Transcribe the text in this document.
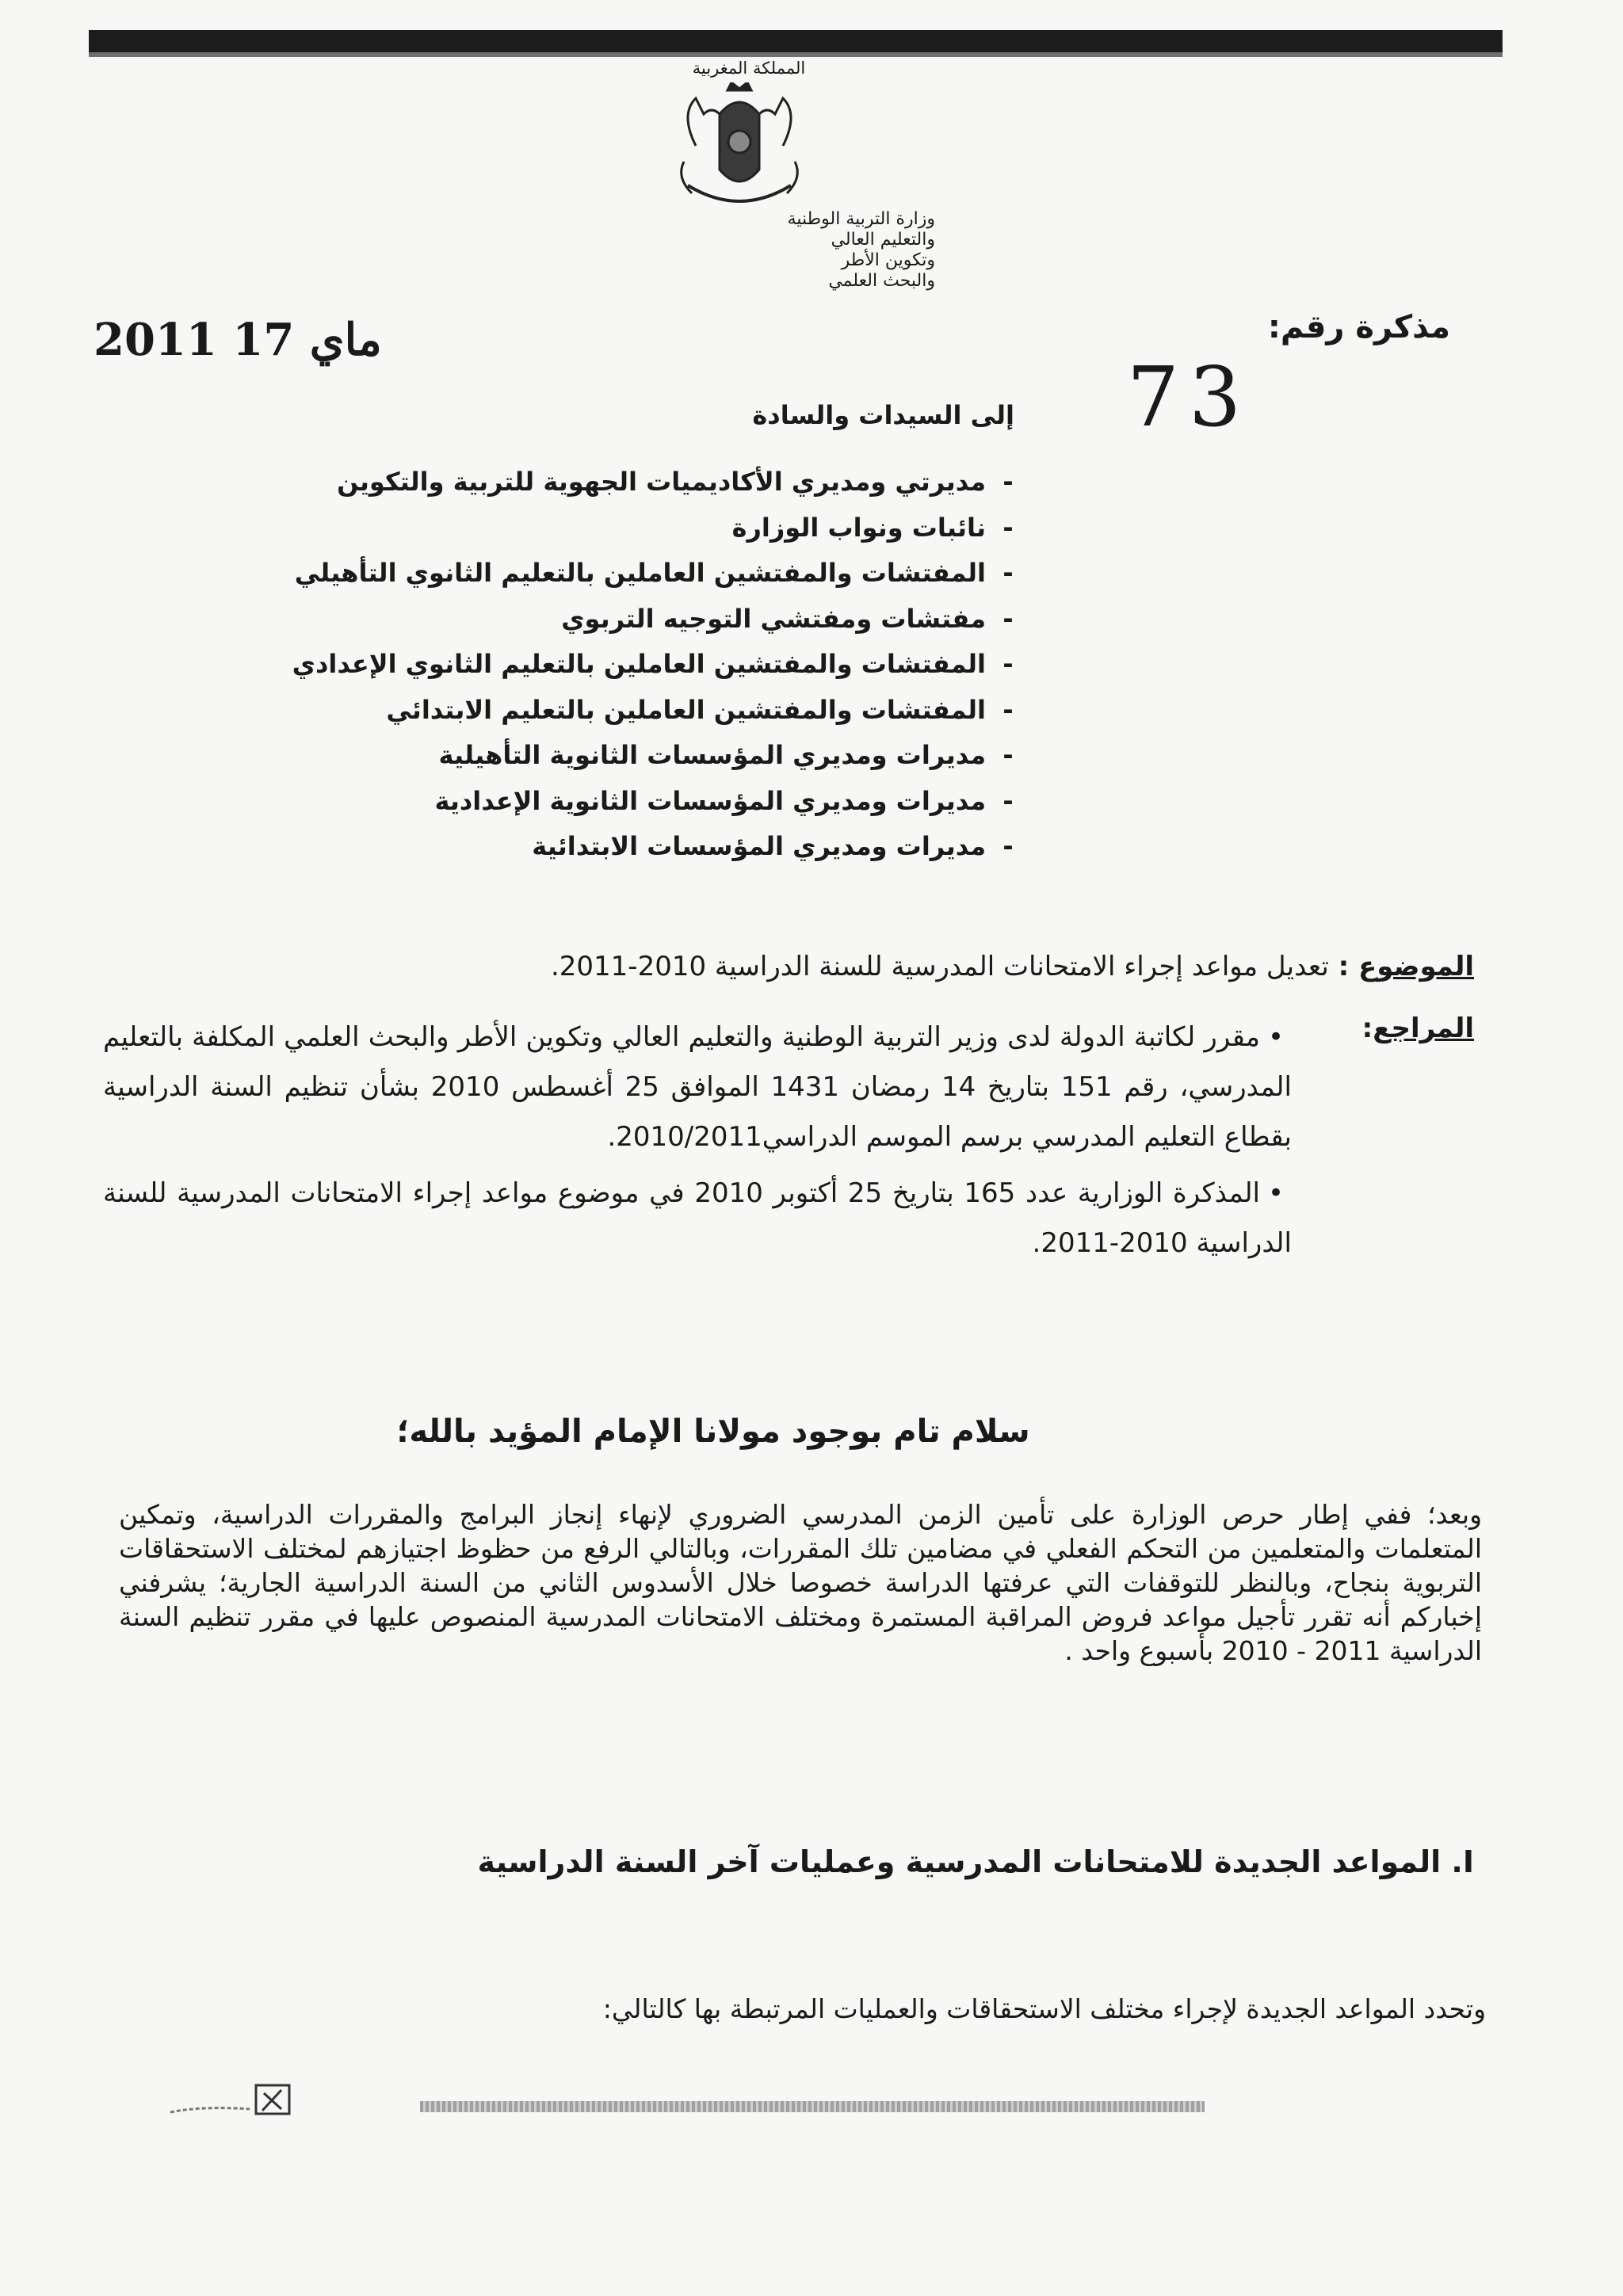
المملكة المغربية
وزارة التربية الوطنية
والتعليم العالي
وتكوين الأطر
والبحث العلمي
2011 ماي 17	مذكرة رقم:
73
إلى السيدات والسادة
-مديرتي ومديري الأكاديميات الجهوية للتربية والتكوين
-نائبات ونواب الوزارة
-المفتشات والمفتشين العاملين بالتعليم الثانوي التأهيلي
-مفتشات ومفتشي التوجيه التربوي
-المفتشات والمفتشين العاملين بالتعليم الثانوي الإعدادي
-المفتشات والمفتشين العاملين بالتعليم الابتدائي
-مديرات ومديري المؤسسات الثانوية التأهيلية
-مديرات ومديري المؤسسات الثانوية الإعدادية
-مديرات ومديري المؤسسات الابتدائية
الموضوع : تعديل مواعد إجراء الامتحانات المدرسية للسنة الدراسية 2010-2011.
المراجع:
•مقرر لكاتبة الدولة لدى وزير التربية الوطنية والتعليم العالي وتكوين الأطر والبحث العلمي المكلفة بالتعليم المدرسي، رقم 151 بتاريخ 14 رمضان 1431 الموافق 25 أغسطس 2010 بشأن تنظيم السنة الدراسية بقطاع التعليم المدرسي برسم الموسم الدراسي2010/2011.
•المذكرة الوزارية عدد 165 بتاريخ 25 أكتوبر 2010 في موضوع مواعد إجراء الامتحانات المدرسية للسنة الدراسية 2010-2011.
سلام تام بوجود مولانا الإمام المؤيد بالله؛
وبعد؛ ففي إطار حرص الوزارة على تأمين الزمن المدرسي الضروري لإنهاء إنجاز البرامج والمقررات الدراسية، وتمكين المتعلمات والمتعلمين من التحكم الفعلي في مضامين تلك المقررات، وبالتالي الرفع من حظوظ اجتيازهم لمختلف الاستحقاقات التربوية بنجاح، وبالنظر للتوقفات التي عرفتها الدراسة خصوصا خلال الأسدوس الثاني من السنة الدراسية الجارية؛ يشرفني إخباركم أنه تقرر تأجيل مواعد فروض المراقبة المستمرة ومختلف الامتحانات المدرسية المنصوص عليها في مقرر تنظيم السنة الدراسية 2011 - 2010 بأسبوع واحد .
I. المواعد الجديدة للامتحانات المدرسية وعمليات آخر السنة الدراسية
وتحدد المواعد الجديدة لإجراء مختلف الاستحقاقات والعمليات المرتبطة بها كالتالي:
